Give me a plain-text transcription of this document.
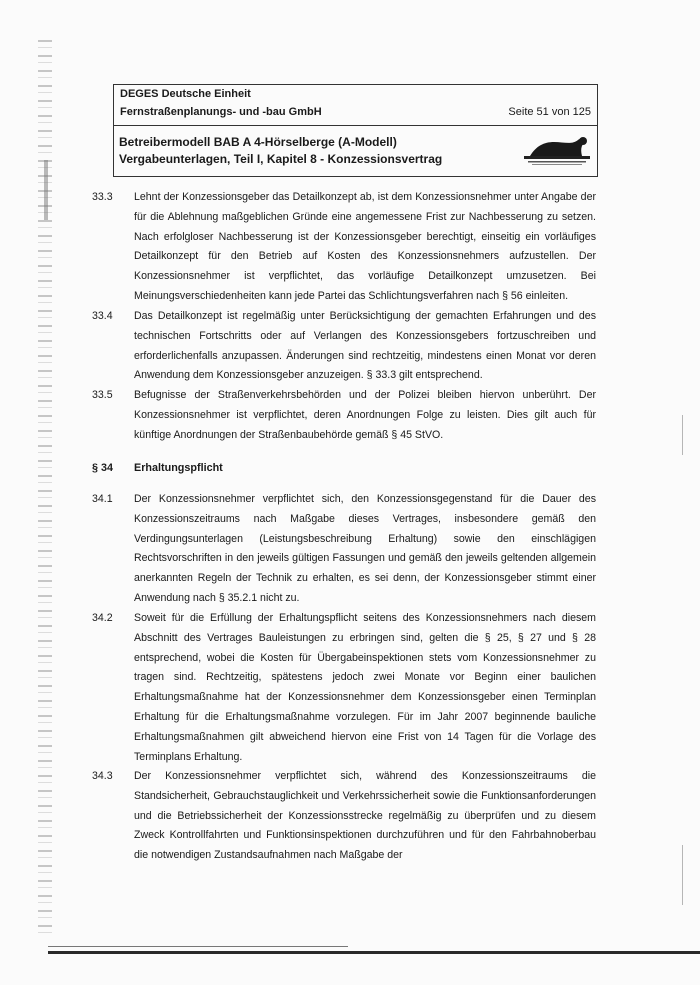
DEGES Deutsche Einheit
Fernstraßenplanungs- und -bau GmbH	Seite 51 von 125
Betreibermodell BAB A 4-Hörselberge (A-Modell)
Vergabeunterlagen, Teil I, Kapitel 8 - Konzessionsvertrag
33.3	Lehnt der Konzessionsgeber das Detailkonzept ab, ist dem Konzessionsnehmer unter Angabe der für die Ablehnung maßgeblichen Gründe eine angemessene Frist zur Nachbesserung zu setzen. Nach erfolgloser Nachbesserung ist der Konzessionsgeber berechtigt, einseitig ein vorläufiges Detailkonzept für den Betrieb auf Kosten des Konzessionsnehmers aufzustellen. Der Konzessionsnehmer ist verpflichtet, das vorläufige Detailkonzept umzusetzen. Bei Meinungsverschiedenheiten kann jede Partei das Schlichtungsverfahren nach § 56 einleiten.
33.4	Das Detailkonzept ist regelmäßig unter Berücksichtigung der gemachten Erfahrungen und des technischen Fortschritts oder auf Verlangen des Konzessionsgebers fortzuschreiben und erforderlichenfalls anzupassen. Änderungen sind rechtzeitig, mindestens einen Monat vor deren Anwendung dem Konzessionsgeber anzuzeigen. § 33.3 gilt entsprechend.
33.5	Befugnisse der Straßenverkehrsbehörden und der Polizei bleiben hiervon unberührt. Der Konzessionsnehmer ist verpflichtet, deren Anordnungen Folge zu leisten. Dies gilt auch für künftige Anordnungen der Straßenbaubehörde gemäß § 45 StVO.
§ 34 Erhaltungspflicht
34.1	Der Konzessionsnehmer verpflichtet sich, den Konzessionsgegenstand für die Dauer des Konzessionszeitraums nach Maßgabe dieses Vertrages, insbesondere gemäß den Verdingungsunterlagen (Leistungsbeschreibung Erhaltung) sowie den einschlägigen Rechtsvorschriften in den jeweils gültigen Fassungen und gemäß den jeweils geltenden allgemein anerkannten Regeln der Technik zu erhalten, es sei denn, der Konzessionsgeber stimmt einer Anwendung nach § 35.2.1 nicht zu.
34.2	Soweit für die Erfüllung der Erhaltungspflicht seitens des Konzessionsnehmers nach diesem Abschnitt des Vertrages Bauleistungen zu erbringen sind, gelten die § 25, § 27 und § 28 entsprechend, wobei die Kosten für Übergabeinspektionen stets vom Konzessionsnehmer zu tragen sind. Rechtzeitig, spätestens jedoch zwei Monate vor Beginn einer baulichen Erhaltungsmaßnahme hat der Konzessionsnehmer dem Konzessionsgeber einen Terminplan Erhaltung für die Erhaltungsmaßnahme vorzulegen. Für im Jahr 2007 beginnende bauliche Erhaltungsmaßnahmen gilt abweichend hiervon eine Frist von 14 Tagen für die Vorlage des Terminplans Erhaltung.
34.3	Der Konzessionsnehmer verpflichtet sich, während des Konzessionszeitraums die Standsicherheit, Gebrauchstauglichkeit und Verkehrssicherheit sowie die Funktionsanforderungen und die Betriebssicherheit der Konzessionsstrecke regelmäßig zu überprüfen und zu diesem Zweck Kontrollfahrten und Funktionsinspektionen durchzuführen und für den Fahrbahnoberbau die notwendigen Zustandsaufnahmen nach Maßgabe der
